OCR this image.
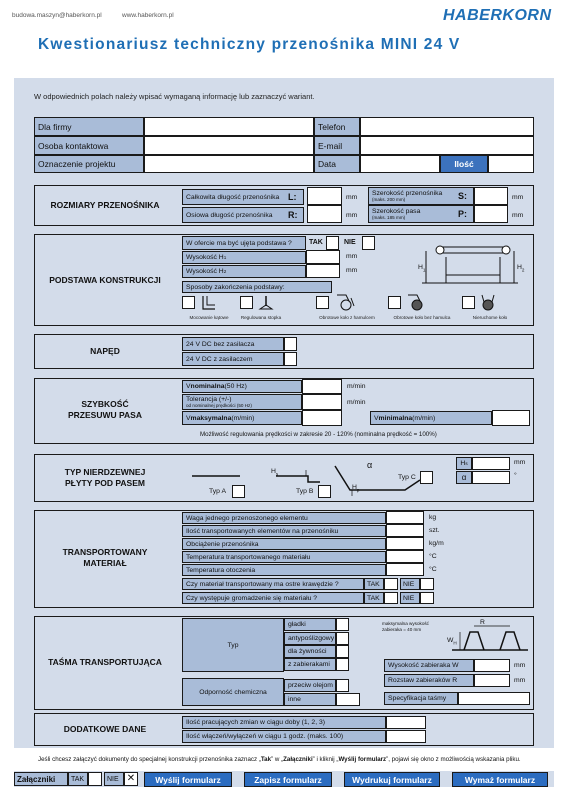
budowa.maszyn@haberkorn.pl	www.haberkorn.pl	HABERKORN
Kwestionariusz techniczny przenośnika MINI 24 V
W odpowiednich polach należy wpisać wymaganą informację lub zaznaczyć wariant.
Dla firmy	Telefon
Osoba kontaktowa	E-mail
Oznaczenie projektu	Data	Ilość
ROZMIARY PRZENOŚNIKA
Całkowita długość przenośnika L:	mm
Osiowa długość przenośnika R:	mm
Szerokość przenośnika
(maks. 200 mm)	S:	mm
Szerokość pasa
(maks. 185 mm)	P:	mm
PODSTAWA KONSTRUKCJI
W ofercie ma być ujęta podstawa ?	TAK	NIE
Wysokość H 1	mm
Wysokość H 2	mm
Sposoby zakończenia podstawy:
$H_1$	$H_2$
Mocowanie kątowe	Regulowana stopka	Obrotowe koło z hamulcem	Obrotowe koło bez hamulca	Nieruchome koło
NAPĘD
24 V DC bez zasilacza
24 V DC z zasilaczem
SZYBKOŚĆ
PRZESUWU PASA
V nominalna (50 Hz)	m/min
Tolerancja (+/-)
od nominalnej prędkości (50 Hz)	m/min
V maksymalna (m/min)	V minimalna (m/min)
Możliwość regulowania prędkości w zakresie 20 - 120% (nominalna prędkość = 100%)
TYP NIERDZEWNEJ
PŁYTY POD PASEM
$H_s$
$H_p$
α
Typ A	Typ B
Typ C
H s	mm
α	°
TRANSPORTOWANY
MATERIAŁ
Waga jednego przenoszonego elementu	kg
Ilość transportowanych elementów na przenośniku	szt.
Obciążenie przenośnika	kg/m
Temperatura transportowanego materiału	°C
Temperatura otoczenia	°C
Czy materiał transportowany ma ostre krawędzie ?	TAK	NIE
Czy występuje gromadzenie się materiału ?	TAK	NIE
TAŚMA TRANSPORTUJĄCA
Typ
gładki
antypoślizgowy
dla żywności
z zabierakami
Odporność chemiczna
przeciw olejom
inne
maksymalna wysokość zabieraka = 40 mm
R
$W_H$
Wysokość zabieraka W	mm
Rozstaw zabieraków R	mm
Specyfikacja taśmy
DODATKOWE DANE
Ilość pracujących zmian w ciągu doby (1, 2, 3)
Ilość włączeń/wyłączeń w ciągu 1 godz. (maks. 100)
Jeśli chcesz załączyć dokumenty do specjalnej konstrukcji przenośnika zaznacz „Tak” w „Załączniki” i kliknij „Wyślij formularz”, pojawi się okno z możliwością wskazania pliku.
Załączniki	TAK	NIE ✕	Wyślij formularz	Zapisz formularz	Wydrukuj formularz	Wymaż formularz
